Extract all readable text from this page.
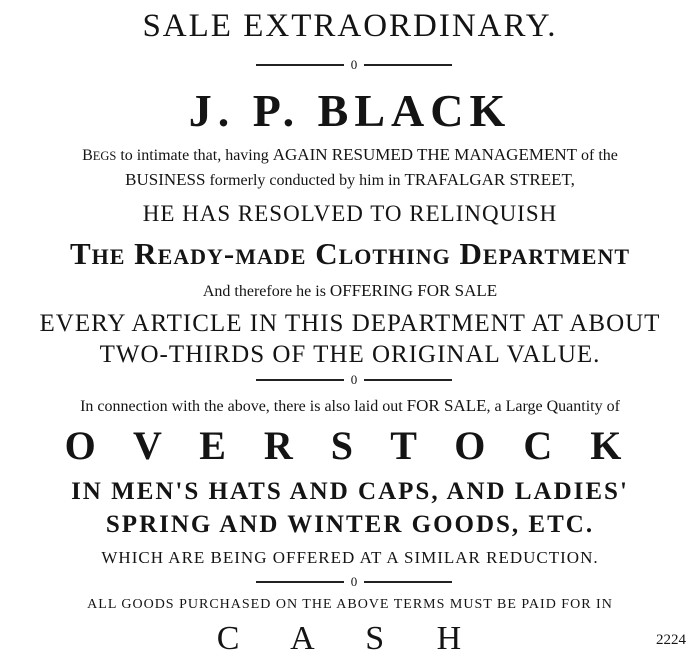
SALE EXTRAORDINARY.
0
J. P. BLACK
BEGS to intimate that, having AGAIN RESUMED THE MANAGEMENT of the
BUSINESS formerly conducted by him in TRAFALGAR STREET,
HE HAS RESOLVED TO RELINQUISH
The Ready-made Clothing Department
And therefore he is OFFERING FOR SALE
EVERY ARTICLE IN THIS DEPARTMENT AT ABOUT
TWO-THIRDS OF THE ORIGINAL VALUE.
0
In connection with the above, there is also laid out FOR SALE, a Large Quantity of
O V E R S T O C K
IN MEN'S HATS AND CAPS, AND LADIES'
SPRING AND WINTER GOODS, ETC.
WHICH ARE BEING OFFERED AT A SIMILAR REDUCTION.
0
ALL GOODS PURCHASED ON THE ABOVE TERMS MUST BE PAID FOR IN
C A S H	2224
